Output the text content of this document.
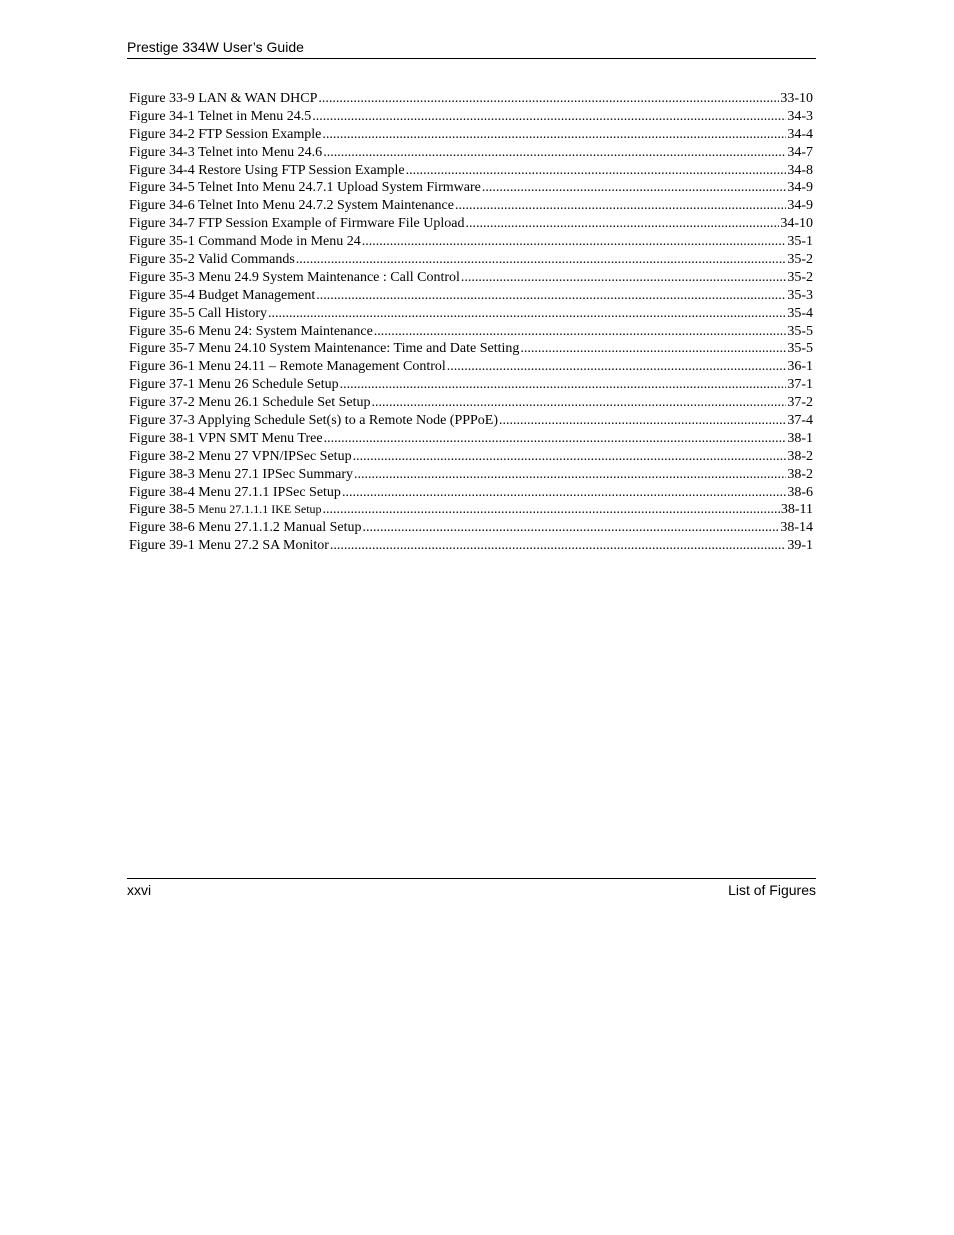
Prestige 334W User’s Guide
Figure 33-9 LAN & WAN DHCP .....	33-10
Figure 34-1 Telnet in Menu 24.5 .....	34-3
Figure 34-2 FTP Session Example .....	34-4
Figure 34-3 Telnet into Menu 24.6 .....	34-7
Figure 34-4 Restore Using FTP Session Example .....	34-8
Figure 34-5 Telnet Into Menu 24.7.1 Upload System Firmware .....	34-9
Figure 34-6 Telnet Into Menu 24.7.2 System Maintenance .....	34-9
Figure 34-7 FTP Session Example of Firmware File Upload .....	34-10
Figure 35-1 Command Mode in Menu 24 .....	35-1
Figure 35-2 Valid Commands .....	35-2
Figure 35-3 Menu 24.9 System Maintenance : Call Control .....	35-2
Figure 35-4 Budget Management .....	35-3
Figure 35-5 Call History .....	35-4
Figure 35-6 Menu 24: System Maintenance .....	35-5
Figure 35-7 Menu 24.10 System Maintenance: Time and Date Setting .....	35-5
Figure 36-1 Menu 24.11 – Remote Management Control .....	36-1
Figure 37-1 Menu 26 Schedule Setup .....	37-1
Figure 37-2 Menu 26.1 Schedule Set Setup .....	37-2
Figure 37-3 Applying Schedule Set(s) to a Remote Node (PPPoE) .....	37-4
Figure 38-1 VPN SMT Menu Tree .....	38-1
Figure 38-2 Menu 27 VPN/IPSec Setup .....	38-2
Figure 38-3 Menu 27.1 IPSec Summary .....	38-2
Figure 38-4 Menu 27.1.1 IPSec Setup .....	38-6
Figure 38-5 Menu 27.1.1.1 IKE Setup .....	38-11
Figure 38-6 Menu 27.1.1.2 Manual Setup .....	38-14
Figure 39-1 Menu 27.2 SA Monitor .....	39-1
xxvi	List of Figures
